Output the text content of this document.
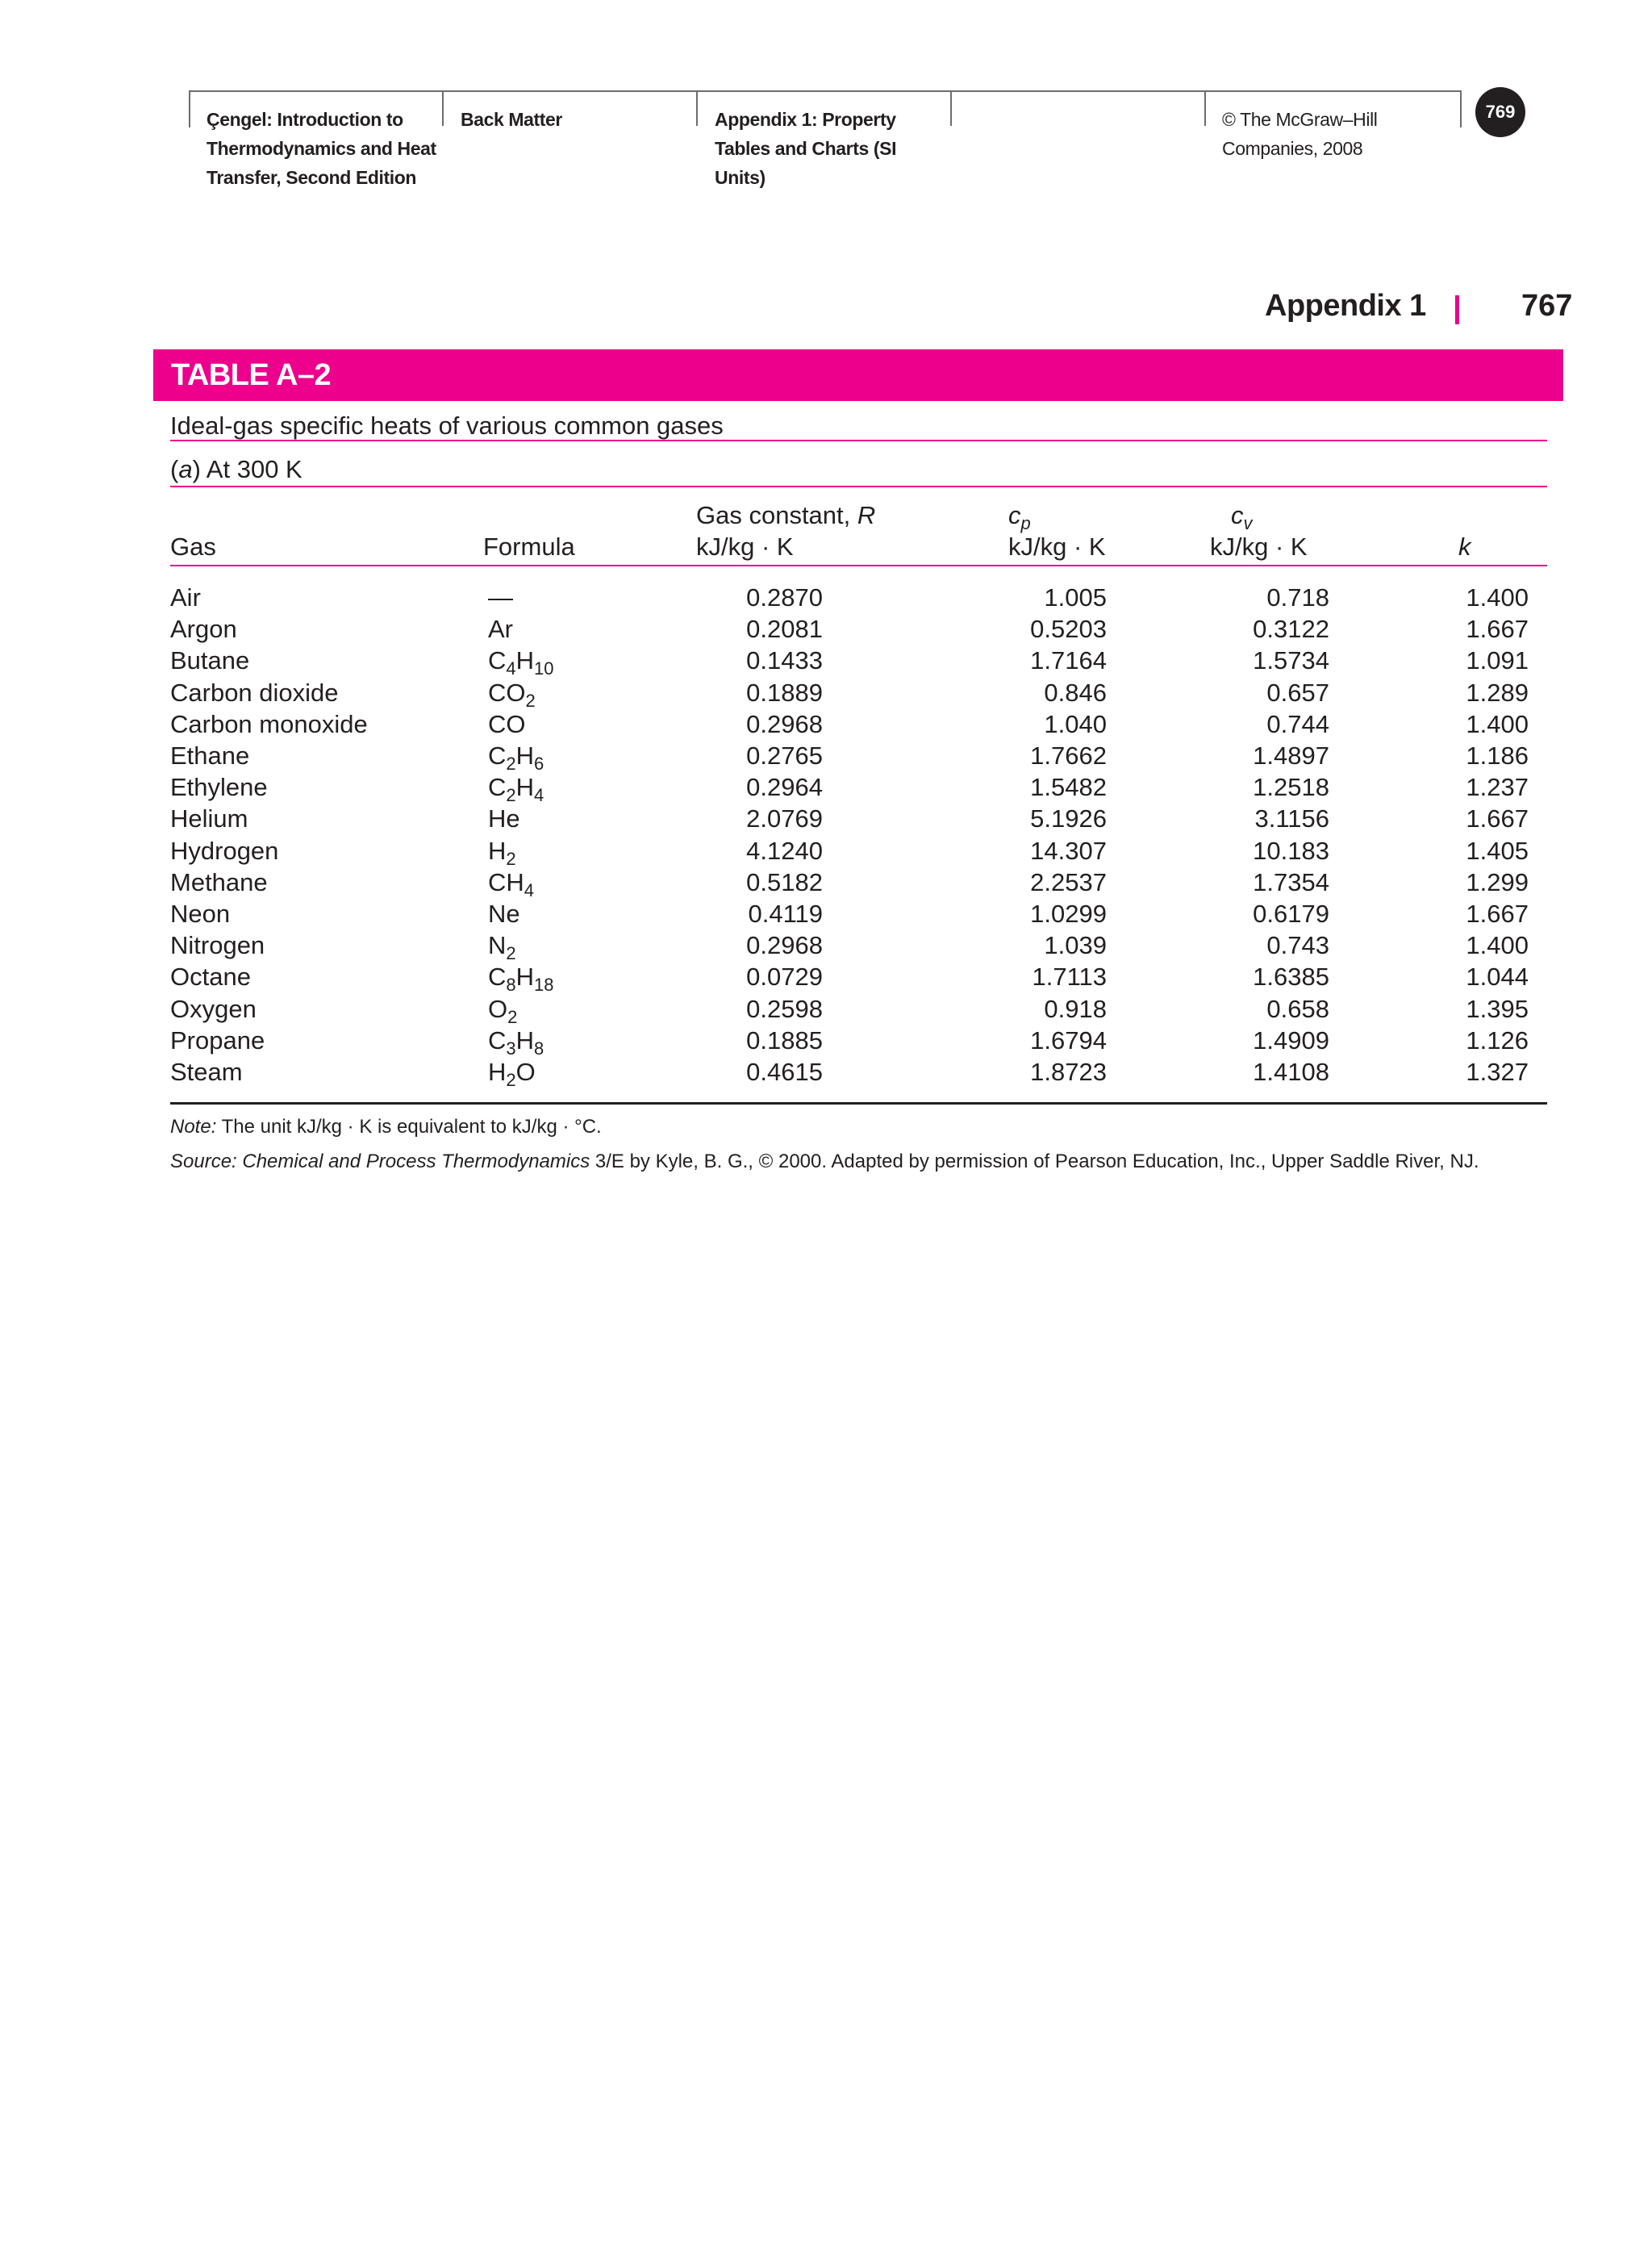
Çengel: Introduction to
Thermodynamics and Heat
Transfer, Second Edition
Back Matter	Appendix 1: Property
Tables and Charts (SI
Units)
© The McGraw–Hill
Companies, 2008
769
Appendix 1	767
TABLE A–2
Ideal-gas specific heats of various common gases
(a) At 300 K
Gas	Formula
Gas constant, R
kJ/kg · K
$c_p$
kJ/kg · K
$c_v$
kJ/kg · K	k
Air	—	0.2870	1.005	0.718	1.400
Argon	Ar	0.2081	0.5203	0.3122	1.667
Butane	$C_4H_{10}$	0.1433	1.7164	1.5734	1.091
Carbon dioxide	$CO_2$	0.1889	0.846	0.657	1.289
Carbon monoxide	CO	0.2968	1.040	0.744	1.400
Ethane	$C_2H_6$	0.2765	1.7662	1.4897	1.186
Ethylene	$C_2H_4$	0.2964	1.5482	1.2518	1.237
Helium	He	2.0769	5.1926	3.1156	1.667
Hydrogen	$H_2$	4.1240	14.307	10.183	1.405
Methane	$CH_4$	0.5182	2.2537	1.7354	1.299
Neon	Ne	0.4119	1.0299	0.6179	1.667
Nitrogen	$N_2$	0.2968	1.039	0.743	1.400
Octane	$C_8H_{18}$	0.0729	1.7113	1.6385	1.044
Oxygen	$O_2$	0.2598	0.918	0.658	1.395
Propane	$C_3H_8$	0.1885	1.6794	1.4909	1.126
Steam	$H_2O$	0.4615	1.8723	1.4108	1.327
Note: The unit kJ/kg · K is equivalent to kJ/kg · °C.
Source: Chemical and Process Thermodynamics 3/E by Kyle, B. G., © 2000. Adapted by permission of Pearson Education, Inc., Upper Saddle River, NJ.
